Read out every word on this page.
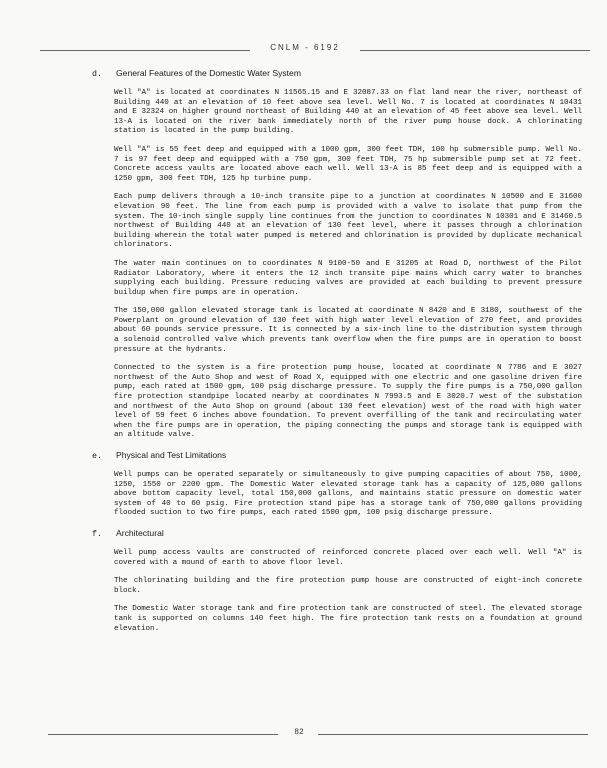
CNLM - 6192
d.	General Features of the Domestic Water System

Well "A" is located at coordinates N 11565.15 and E 32087.33 on flat land near the river, northeast of Building 440 at an elevation of 10 feet above sea level. Well No. 7 is located at coordinates N 10431 and E 32324 on higher ground northeast of Building 440 at an elevation of 45 feet above sea level. Well 13-A is located on the river bank immediately north of the river pump house dock. A chlorinating station is located in the pump building.

Well "A" is 55 feet deep and equipped with a 1000 gpm, 300 feet TDH, 100 hp submersible pump. Well No. 7 is 97 feet deep and equipped with a 750 gpm, 300 feet TDH, 75 hp submersible pump set at 72 feet. Concrete access vaults are located above each well. Well 13-A is 85 feet deep and is equipped with a 1250 gpm, 300 feet TDH, 125 hp turbine pump.

Each pump delivers through a 10-inch transite pipe to a junction at coordinates N 10500 and E 31600 elevation 90 feet. The line from each pump is provided with a valve to isolate that pump from the system. The 10-inch single supply line continues from the junction to coordinates N 10301 and E 31460.5 northwest of Building 440 at an elevation of 130 feet level, where it passes through a chlorination building wherein the total water pumped is metered and chlorination is provided by duplicate mechanical chlorinators.

The water main continues on to coordinates N 9100-50 and E 31205 at Road D, northwest of the Pilot Radiator Laboratory, where it enters the 12 inch transite pipe mains which carry water to branches supplying each building. Pressure reducing valves are provided at each building to prevent pressure buildup when fire pumps are in operation.

The 150,000 gallon elevated storage tank is located at coordinate N 8420 and E 3180, southwest of the Powerplant on ground elevation of 130 feet with high water level elevation of 270 feet, and provides about 60 pounds service pressure. It is connected by a six-inch line to the distribution system through a solenoid controlled valve which prevents tank overflow when the fire pumps are in operation to boost pressure at the hydrants.

Connected to the system is a fire protection pump house, located at coordinate N 7786 and E 3027 northwest of the Auto Shop and west of Road X, equipped with one electric and one gasoline driven fire pump, each rated at 1500 gpm, 100 psig discharge pressure. To supply the fire pumps is a 750,000 gallon fire protection standpipe located nearby at coordinates N 7993.5 and E 3020.7 west of the substation and northwest of the Auto Shop on ground (about 130 feet elevation) west of the road with high water level of 59 feet 6 inches above foundation. To prevent overfilling of the tank and recirculating water when the fire pumps are in operation, the piping connecting the pumps and storage tank is equipped with an altitude valve.

e.	Physical and Test Limitations

Well pumps can be operated separately or simultaneously to give pumping capacities of about 750, 1000, 1250, 1550 or 2200 gpm. The Domestic Water elevated storage tank has a capacity of 125,000 gallons above bottom capacity level, total 150,000 gallons, and maintains static pressure on domestic water system of 40 to 60 psig. Fire protection stand pipe has a storage tank of 750,000 gallons providing flooded suction to two fire pumps, each rated 1500 gpm, 100 psig discharge pressure.

f.	Architectural

Well pump access vaults are constructed of reinforced concrete placed over each well. Well "A" is covered with a mound of earth to above floor level.

The chlorinating building and the fire protection pump house are constructed of eight-inch concrete block.

The Domestic Water storage tank and fire protection tank are constructed of steel. The elevated storage tank is supported on columns 140 feet high. The fire protection tank rests on a foundation at ground elevation.

82
